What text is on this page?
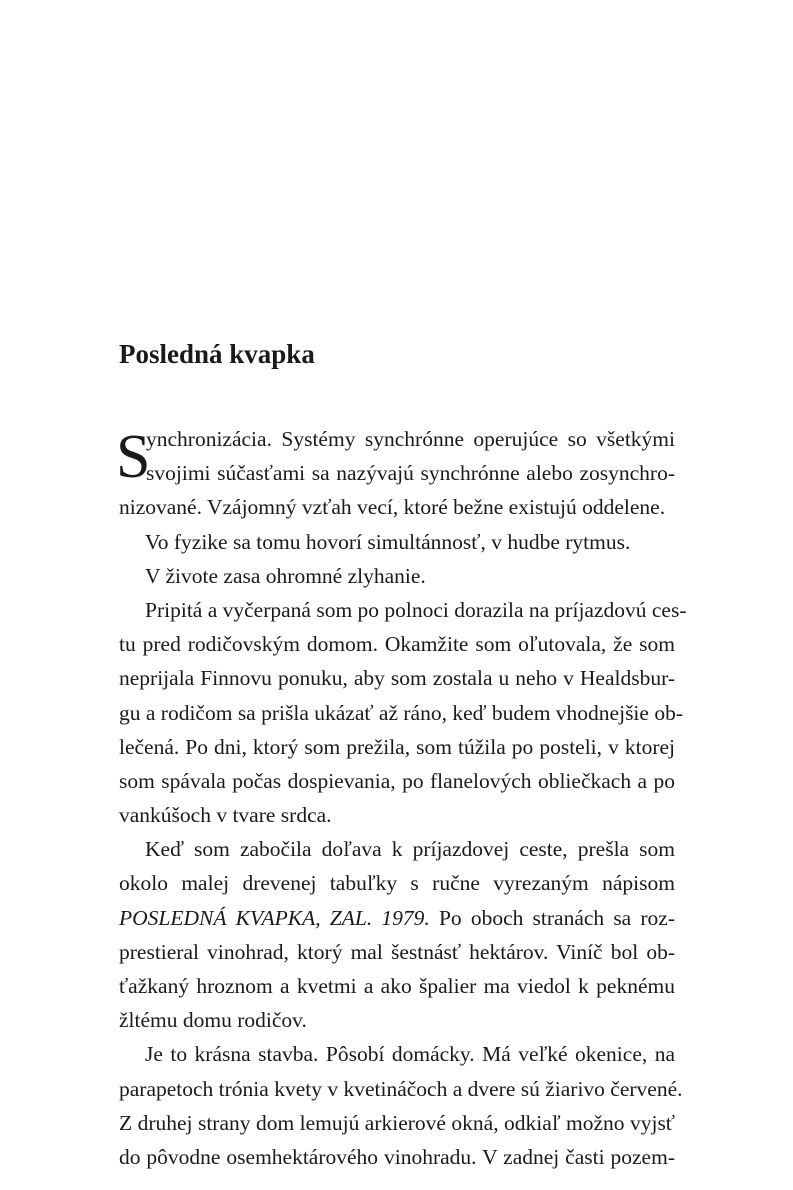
Posledná kvapka
S
ynchronizácia. Systémy synchrónne operujúce so všetkými
svojimi súčasťami sa nazývajú synchrónne alebo zosynchro-
nizované. Vzájomný vzťah vecí, ktoré bežne existujú oddelene.
Vo fyzike sa tomu hovorí simultánnosť, v hudbe rytmus.
V živote zasa ohromné zlyhanie.
Pripitá a vyčerpaná som po polnoci dorazila na príjazdovú ces-
tu pred rodičovským domom. Okamžite som oľutovala, že som
neprijala Finnovu ponuku, aby som zostala u neho v Healdsbur-
gu a rodičom sa prišla ukázať až ráno, keď budem vhodnejšie ob-
lečená. Po dni, ktorý som prežila, som túžila po posteli, v ktorej
som spávala počas dospievania, po flanelových obliečkach a po
vankúšoch v tvare srdca.
Keď som zabočila doľava k príjazdovej ceste, prešla som
okolo malej drevenej tabuľky s ručne vyrezaným nápisom
POSLEDNÁ KVAPKA, ZAL. 1979. Po oboch stranách sa roz-
prestieral vinohrad, ktorý mal šestnásť hektárov. Viníč bol ob-
ťažkaný hroznom a kvetmi a ako špalier ma viedol k peknému
žltému domu rodičov.
Je to krásna stavba. Pôsobí domácky. Má veľké okenice, na
parapetoch trónia kvety v kvetináčoch a dvere sú žiarivo červené.
Z druhej strany dom lemujú arkierové okná, odkiaľ možno vyjsť
do pôvodne osemhektárového vinohradu. V zadnej časti pozem-
